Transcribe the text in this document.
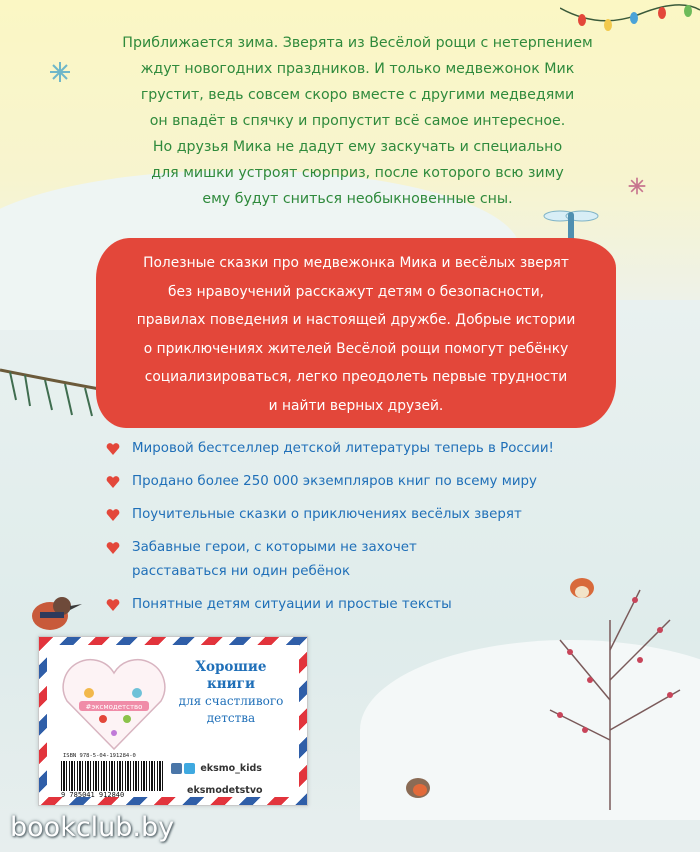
Приближается зима. Зверята из Весёлой рощи с нетерпением
ждут новогодних праздников. И только медвежонок Мик
грустит, ведь совсем скоро вместе с другими медведями
он впадёт в спячку и пропустит всё самое интересное.
Но друзья Мика не дадут ему заскучать и специально
для мишки устроят сюрприз, после которого всю зиму
ему будут сниться необыкновенные сны.
Полезные сказки про медвежонка Мика и весёлых зверят
без нравоучений расскажут детям о безопасности,
правилах поведения и настоящей дружбе. Добрые истории
о приключениях жителей Весёлой рощи помогут ребёнку
социализироваться, легко преодолеть первые трудности
и найти верных друзей.
Мировой бестселлер детской литературы теперь в России!
Продано более 250 000 экземпляров книг по всему миру
Поучительные сказки о приключениях весёлых зверят
Забавные герои, с которыми не захочет расставаться ни один ребёнок
Понятные детям ситуации и простые тексты
#эксмодетство
Хорошие
книги
для счастливого
детства
ISBN 978-5-04-191284-0
9 785041 912840
eksmo_kids
eksmodetstvo
bookclub.by
